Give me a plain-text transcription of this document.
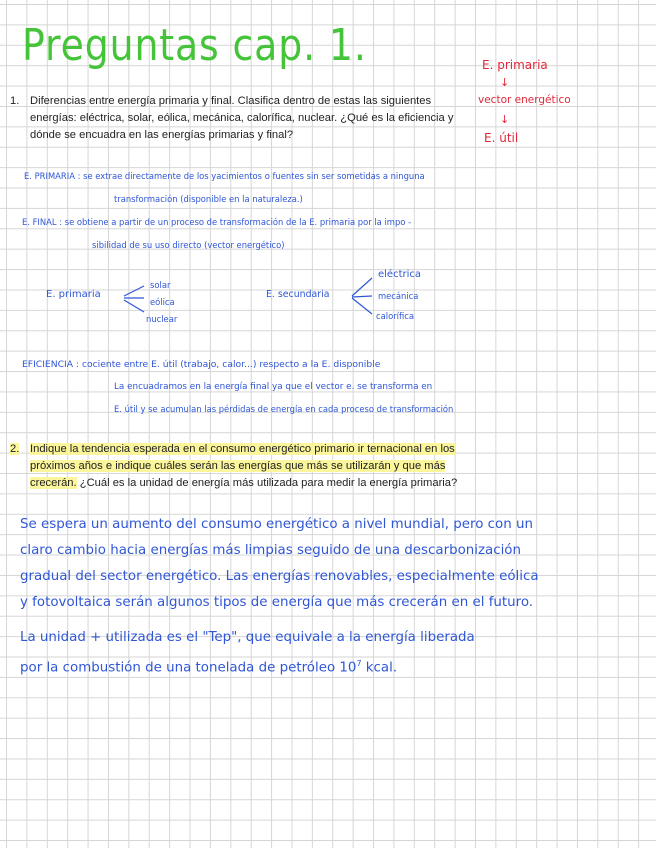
Preguntas cap. 1.	E. primaria
↓
vector energético
↓
E. útil
1. Diferencias entre energía primaria y final. Clasifica dentro de estas las siguientes
energías: eléctrica, solar, eólica, mecánica, calorífica, nuclear. ¿Qué es la eficiencia y
dónde se encuadra en las energías primarias y final?
E. PRIMARIA : se extrae directamente de los yacimientos o fuentes sin ser sometidas a ninguna
transformación (disponible en la naturaleza.)
E. FINAL : se obtiene a partir de un proceso de transformación de la E. primaria por la impo -
sibilidad de su uso directo (vector energético)
E. primaria
solar
eólica
nuclear
E. secundaria
eléctrica
mecánica
calorífica
EFICIENCIA : cociente entre E. útil (trabajo, calor...) respecto a la E. disponible
La encuadramos en la energía final ya que el vector e. se transforma en
E. útil y se acumulan las pérdidas de energía en cada proceso de transformación
2. Indique la tendencia esperada en el consumo energético primario ir ternacional en los
próximos años e indique cuáles serán las energías que más se utilizarán y que más
crecerán. ¿Cuál es la unidad de energía más utilizada para medir la energía primaria?
Se espera un aumento del consumo energético a nivel mundial, pero con un
claro cambio hacia energías más limpias seguido de una descarbonización
gradual del sector energético. Las energías renovables, especialmente eólica
y fotovoltaica serán algunos tipos de energía que más crecerán en el futuro.
La unidad + utilizada es el "Tep", que equivale a la energía liberada
por la combustión de una tonelada de petróleo $10^7$ kcal.
